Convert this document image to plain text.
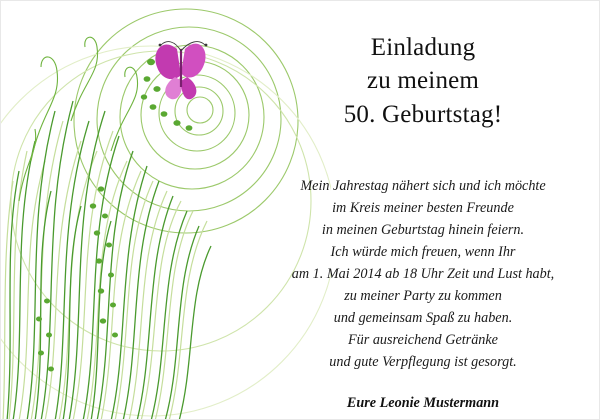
Einladung
zu meinem
50. Geburtstag!
Mein Jahrestag nähert sich und ich möchte
im Kreis meiner besten Freunde
in meinen Geburtstag hinein feiern.
Ich würde mich freuen, wenn Ihr
am 1. Mai 2014 ab 18 Uhr Zeit und Lust habt,
zu meiner Party zu kommen
und gemeinsam Spaß zu haben.
Für ausreichend Getränke
und gute Verpflegung ist gesorgt.
Eure Leonie Mustermann
